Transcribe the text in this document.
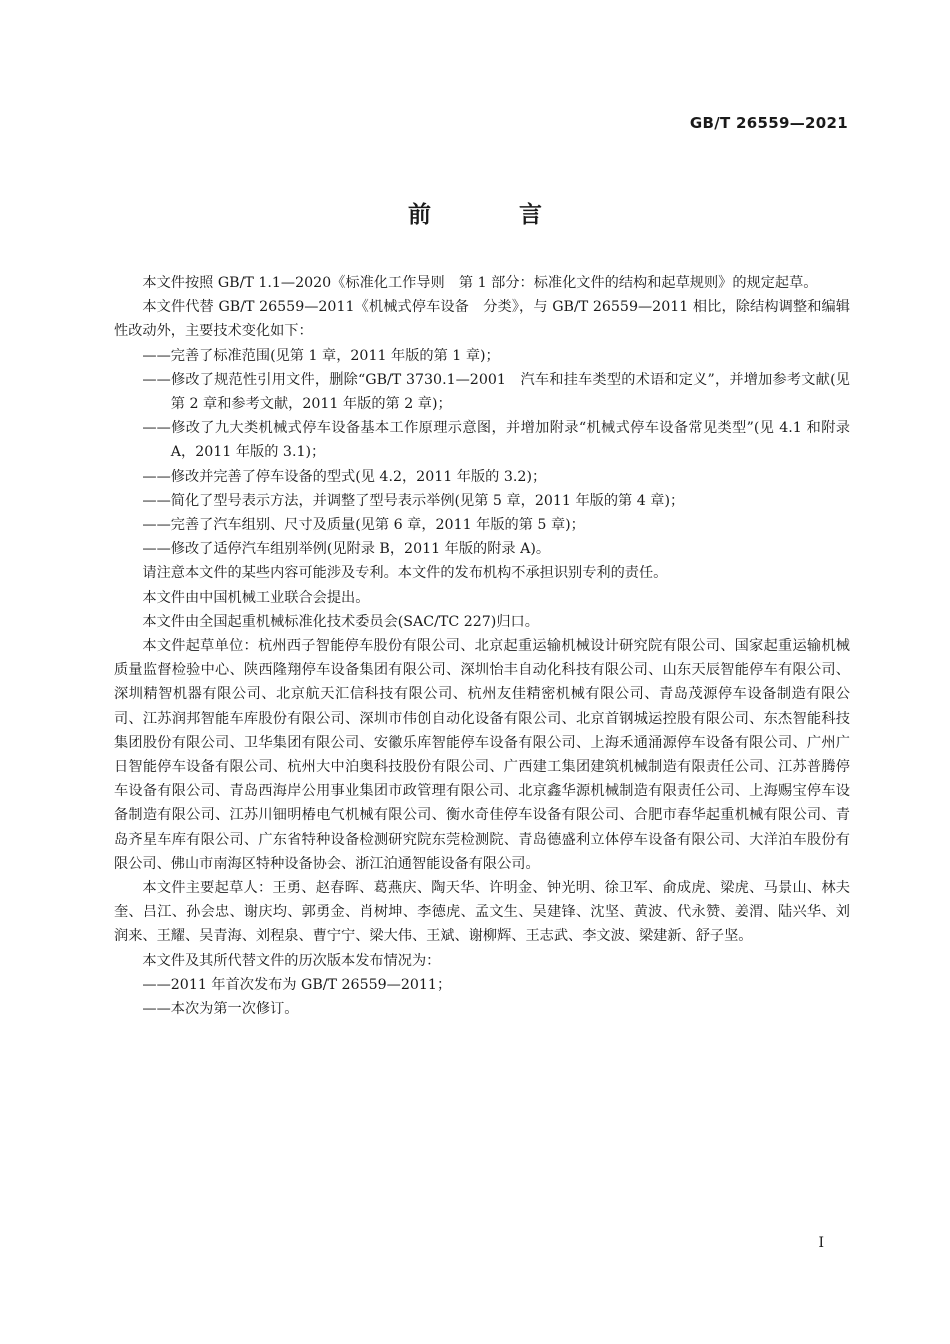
GB/T 26559—2021
前 言

本文件按照 GB/T 1.1—2020《标准化工作导则　第 1 部分：标准化文件的结构和起草规则》的规定起草。

本文件代替 GB/T 26559—2011《机械式停车设备　分类》，与 GB/T 26559—2011 相比，除结构调整和编辑性改动外，主要技术变化如下：

——完善了标准范围(见第 1 章，2011 年版的第 1 章)；

——修改了规范性引用文件，删除“GB/T 3730.1—2001　汽车和挂车类型的术语和定义”，并增加参考文献(见第 2 章和参考文献，2011 年版的第 2 章)；

——修改了九大类机械式停车设备基本工作原理示意图，并增加附录“机械式停车设备常见类型”(见 4.1 和附录 A，2011 年版的 3.1)；

——修改并完善了停车设备的型式(见 4.2，2011 年版的 3.2)；

——简化了型号表示方法，并调整了型号表示举例(见第 5 章，2011 年版的第 4 章)；

——完善了汽车组别、尺寸及质量(见第 6 章，2011 年版的第 5 章)；

——修改了适停汽车组别举例(见附录 B，2011 年版的附录 A)。

请注意本文件的某些内容可能涉及专利。本文件的发布机构不承担识别专利的责任。

本文件由中国机械工业联合会提出。

本文件由全国起重机械标准化技术委员会(SAC/TC 227)归口。

本文件起草单位：杭州西子智能停车股份有限公司、北京起重运输机械设计研究院有限公司、国家起重运输机械质量监督检验中心、陕西隆翔停车设备集团有限公司、深圳怡丰自动化科技有限公司、山东天辰智能停车有限公司、深圳精智机器有限公司、北京航天汇信科技有限公司、杭州友佳精密机械有限公司、青岛茂源停车设备制造有限公司、江苏润邦智能车库股份有限公司、深圳市伟创自动化设备有限公司、北京首钢城运控股有限公司、东杰智能科技集团股份有限公司、卫华集团有限公司、安徽乐库智能停车设备有限公司、上海禾通涌源停车设备有限公司、广州广日智能停车设备有限公司、杭州大中泊奥科技股份有限公司、广西建工集团建筑机械制造有限责任公司、江苏普腾停车设备有限公司、青岛西海岸公用事业集团市政管理有限公司、北京鑫华源机械制造有限责任公司、上海赐宝停车设备制造有限公司、江苏川钿明椿电气机械有限公司、衡水奇佳停车设备有限公司、合肥市春华起重机械有限公司、青岛齐星车库有限公司、广东省特种设备检测研究院东莞检测院、青岛德盛利立体停车设备有限公司、大洋泊车股份有限公司、佛山市南海区特种设备协会、浙江泊通智能设备有限公司。

本文件主要起草人：王勇、赵春晖、葛燕庆、陶天华、许明金、钟光明、徐卫军、俞成虎、梁虎、马景山、林夫奎、吕江、孙会忠、谢庆均、郭勇金、肖树坤、李德虎、孟文生、吴建锋、沈坚、黄波、代永赞、姜渭、陆兴华、刘润来、王耀、吴青海、刘程泉、曹宁宁、梁大伟、王斌、谢柳辉、王志武、李文波、梁建新、舒子坚。

本文件及其所代替文件的历次版本发布情况为：

——2011 年首次发布为 GB/T 26559—2011；

——本次为第一次修订。

I
